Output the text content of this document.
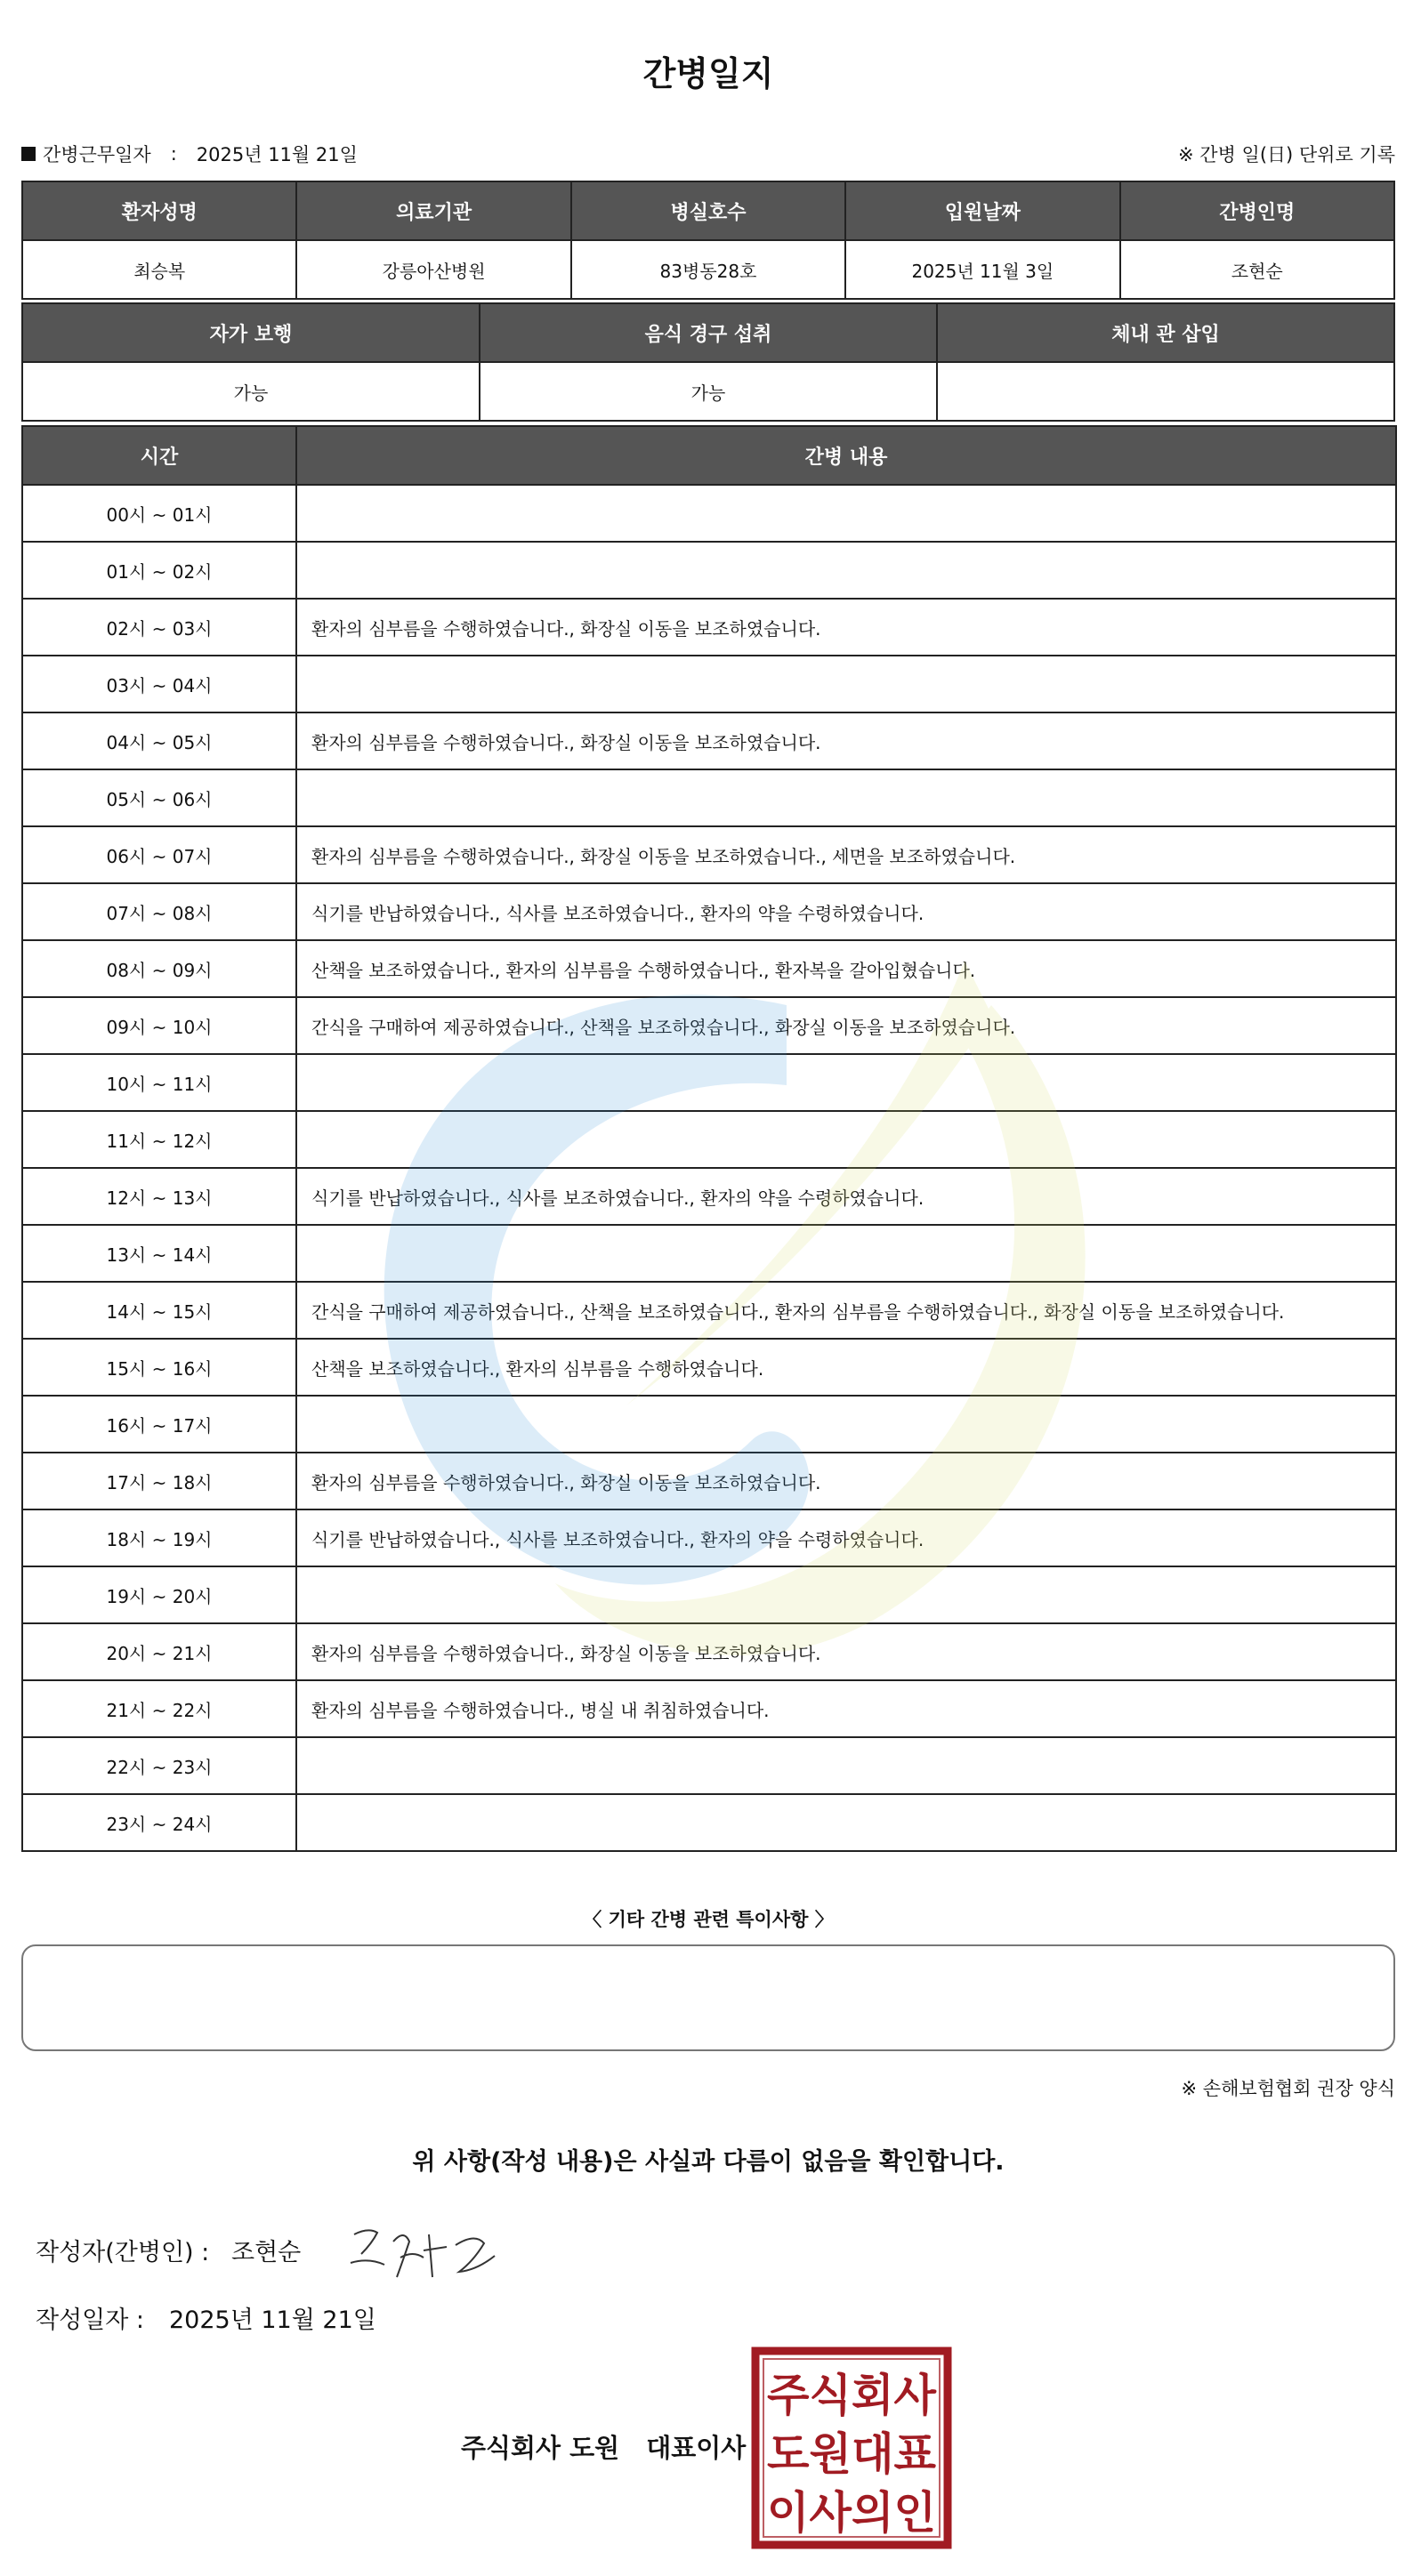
간병일지
간병근무일자 : 2025년 11월 21일	※ 간병 일(日) 단위로 기록
환자성명	의료기관	병실호수	입원날짜	간병인명
최승복	강릉아산병원	83병동28호	2025년 11월 3일	조현순
자가 보행	음식 경구 섭취	체내 관 삽입
가능	가능	
시간	간병 내용
00시 ~ 01시	
01시 ~ 02시	
02시 ~ 03시	환자의 심부름을 수행하였습니다., 화장실 이동을 보조하였습니다.
03시 ~ 04시	
04시 ~ 05시	환자의 심부름을 수행하였습니다., 화장실 이동을 보조하였습니다.
05시 ~ 06시	
06시 ~ 07시	환자의 심부름을 수행하였습니다., 화장실 이동을 보조하였습니다., 세면을 보조하였습니다.
07시 ~ 08시	식기를 반납하였습니다., 식사를 보조하였습니다., 환자의 약을 수령하였습니다.
08시 ~ 09시	산책을 보조하였습니다., 환자의 심부름을 수행하였습니다., 환자복을 갈아입혔습니다.
09시 ~ 10시	간식을 구매하여 제공하였습니다., 산책을 보조하였습니다., 화장실 이동을 보조하였습니다.
10시 ~ 11시	
11시 ~ 12시	
12시 ~ 13시	식기를 반납하였습니다., 식사를 보조하였습니다., 환자의 약을 수령하였습니다.
13시 ~ 14시	
14시 ~ 15시	간식을 구매하여 제공하였습니다., 산책을 보조하였습니다., 환자의 심부름을 수행하였습니다., 화장실 이동을 보조하였습니다.
15시 ~ 16시	산책을 보조하였습니다., 환자의 심부름을 수행하였습니다.
16시 ~ 17시	
17시 ~ 18시	환자의 심부름을 수행하였습니다., 화장실 이동을 보조하였습니다.
18시 ~ 19시	식기를 반납하였습니다., 식사를 보조하였습니다., 환자의 약을 수령하였습니다.
19시 ~ 20시	
20시 ~ 21시	환자의 심부름을 수행하였습니다., 화장실 이동을 보조하였습니다.
21시 ~ 22시	환자의 심부름을 수행하였습니다., 병실 내 취침하였습니다.
22시 ~ 23시	
23시 ~ 24시	
〈 기타 간병 관련 특이사항 〉
※ 손해보험협회 권장 양식
위 사항(작성 내용)은 사실과 다름이 없음을 확인합니다.
작성자(간병인) : 조현순
작성일자 :	2025년 11월 21일
주식회사 도원 대표이사
주식회사
도원대표
이사의인
